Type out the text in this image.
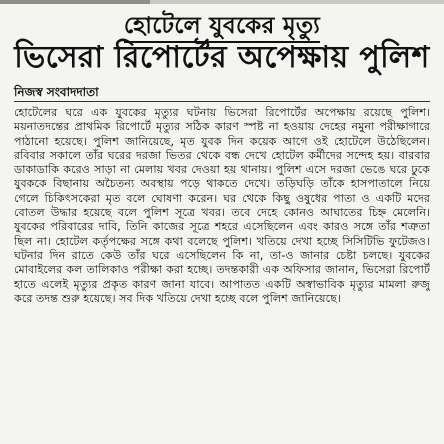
হোটেলে যুবকের মৃত্যু
ভিসেরা রিপোর্টের অপেক্ষায় পুলিশ
নিজস্ব সংবাদদাতা

হোটেলের ঘরে এক যুবকের মৃত্যুর ঘটনায় ভিসেরা রিপোর্টের অপেক্ষায় রয়েছে পুলিশ। ময়নাতদন্তের প্রাথমিক রিপোর্টে মৃত্যুর সঠিক কারণ স্পষ্ট না হওয়ায় দেহের নমুনা পরীক্ষাগারে পাঠানো হয়েছে। পুলিশ জানিয়েছে, মৃত যুবক দিন কয়েক আগে ওই হোটেলে উঠেছিলেন। রবিবার সকালে তাঁর ঘরের দরজা ভিতর থেকে বন্ধ দেখে হোটেল কর্মীদের সন্দেহ হয়। বারবার ডাকাডাকি করেও সাড়া না মেলায় খবর দেওয়া হয় থানায়। পুলিশ এসে দরজা ভেঙে ঘরে ঢুকে যুবককে বিছানায় অচৈতন্য অবস্থায় পড়ে থাকতে দেখে। তড়িঘড়ি তাঁকে হাসপাতালে নিয়ে গেলে চিকিৎসকেরা মৃত বলে ঘোষণা করেন। ঘর থেকে কিছু ওষুধের পাতা ও একটি মদের বোতল উদ্ধার হয়েছে বলে পুলিশ সূত্রে খবর। তবে দেহে কোনও আঘাতের চিহ্ন মেলেনি। যুবকের পরিবারের দাবি, তিনি কাজের সূত্রে শহরে এসেছিলেন এবং কারও সঙ্গে তাঁর শত্রুতা ছিল না। হোটেল কর্তৃপক্ষের সঙ্গে কথা বলেছে পুলিশ। খতিয়ে দেখা হচ্ছে সিসিটিভি ফুটেজও। ঘটনার দিন রাতে কেউ তাঁর ঘরে এসেছিলেন কি না, তা-ও জানার চেষ্টা চলছে। যুবকের মোবাইলের কল তালিকাও পরীক্ষা করা হচ্ছে। তদন্তকারী এক অফিসার জানান, ভিসেরা রিপোর্ট হাতে এলেই মৃত্যুর প্রকৃত কারণ জানা যাবে। আপাতত একটি অস্বাভাবিক মৃত্যুর মামলা রুজু করে তদন্ত শুরু হয়েছে। সব দিক খতিয়ে দেখা হচ্ছে বলে পুলিশ জানিয়েছে।
